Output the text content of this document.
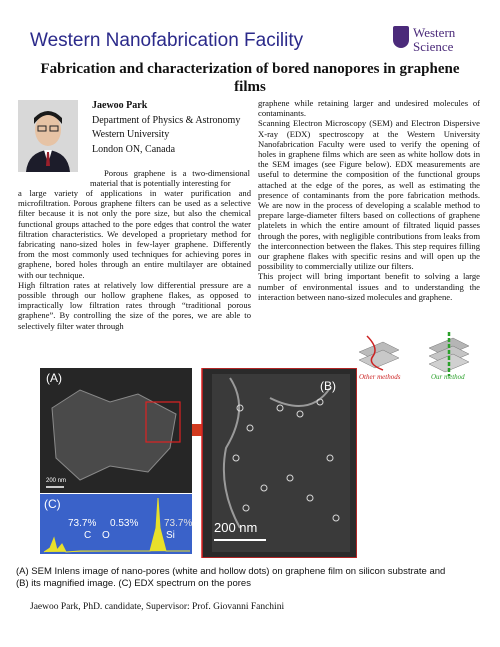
Western Nanofabrication Facility	Western
Science
Fabrication and characterization of bored nanopores in graphene films
Jaewoo Park
Department of Physics & Astronomy
Western University
London ON, Canada
Porous graphene is a two-dimensional material that is potentially interesting for

a large variety of applications in water purification and microfiltration. Porous graphene filters can be used as a selective filter because it is not only the pore size, but also the chemical functional groups attached to the pore edges that control the water filtration characteristics. We developed a proprietary method for fabricating nano-sized holes in few-layer graphene. Differently from the most commonly used techniques for achieving pores in graphene, bored holes through an entire multilayer are obtained with our technique.

High filtration rates at relatively low differential pressure are a possible through our hollow graphene flakes, as opposed to impractically low filtration rates through “traditional porous graphene”. By controlling the size of the pores, we are able to selectively filter water through

graphene while retaining larger and undesired molecules of contaminants.

Scanning Electron Microscopy (SEM) and Electron Dispersive X-ray (EDX) spectroscopy at the Western University Nanofabrication Faculty were used to verify the opening of holes in graphene films which are seen as white hollow dots in the SEM images (see Figure below). EDX measurements are useful to determine the composition of the functional groups attached at the edge of the pores, as well as estimating the presence of contaminants from the pore fabrication methods. We are now in the process of developing a scalable method to prepare large-diameter filters based on collections of graphene platelets in which the entire amount of filtrated liquid passes through the pores, with negligible contributions from leaks from the interconnection between the flakes. This step requires filling our graphene flakes with specific resins and will open up the possibility to commercially utilize our filters.

This project will bring important benefit to solving a large number of environmental issues and to understanding the interaction between nano-sized molecules and graphene.

Other methods	Our method
(A)
200 nm
(B)
200 nm
(C)
73.7% 0.53%	73.7%
C O	Si
(A) SEM Inlens image of nano-pores (white and hollow dots) on graphene film on silicon substrate and
(B) its magnified image. (C) EDX spectrum on the pores
Jaewoo Park, PhD. candidate, Supervisor: Prof. Giovanni Fanchini
